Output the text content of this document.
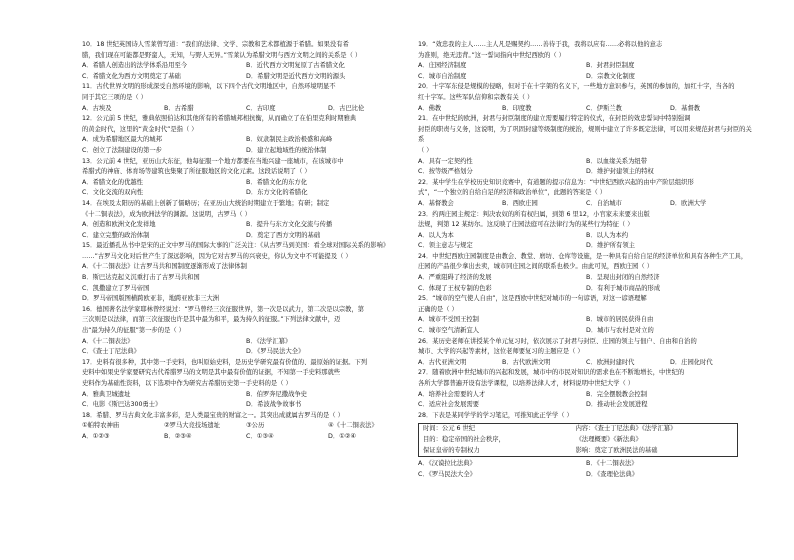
10．18 世纪英国诗人雪莱曾写道：“我们的法律、文学、宗教和艺术都植源于希腊。如果没有希
腊，我们现在可能都是野蛮人，无知，与野人无异。”雪莱认为希腊文明与西方文明之间的关系是（ ）
A．希腊人创造出的法学体系沿用至今	B．近代西方文明复原了古希腊文化
C．希腊文化为西方文明奠定了基础	D．希腊文明是近代西方文明的源头
11．古代世界文明的形成深受自然环境的影响，以下四个古代文明地区中，自然环境明显不
同于其它三项的是（ ）
A．古埃及	B．古希腊	C．古印度	D．古巴比伦
12．公元前 5 世纪，雅典依照伯达和其他所有的希腊城邦相抗衡，从而确立了在伯里克利时期雅典
的黄金时代，这里的“黄金时代”是指（ ）
A．成为希腊地区最大的城邦	B．奴隶制民主政治极盛和高峰
C．创立了法制建设的第一步	D．建立起地域性的统治体制
13．公元前 4 世纪，亚历山大东征，他每征服一个地方都要在当地兴建一座城市，在该城市中
希腊式的神庙、体育场等建筑也集聚了所征服地区的文化元素。这段话说明了（ ）
A．希腊文化的优越性	B．希腊文化的东方化
C．文化交流的双向性	D．东方文化的希腊化
14．在埃及太阳历的基础上创新了儒略历；在亚历山大统治时期建立于繁地；有研；制定
《十二铜表法》，成为欧洲法学的渊源。这说明，古罗马（ ）
A．创造和欧洲文化发祥地	B．提升与东方文化交流与传播
C．建立完整的政治体制	D．奠定了西方文明的基础
15．最近播孔丛书中是宋的正文中罗马的国际大事的广泛关注：《从古罗马到美国：看全球对国际关系的影响》
……”古罗马文化对后世产生了深远影响，因为它对古罗马的兴衰史，你认为文中不可能提及（ ）
A．《十二铜表法》让古罗马共和国制度逐渐形成了法律体制
B．斯巴达克起义沉重打击了古罗马共和国
C．凯撒建立了罗马帝国
D．罗马帝国版图横跨欧亚非，地跨亚欧非三大洲
16．德国著名法学家耶林曾经说过：“罗马曾经三次征服世界，第一次是以武力，第二次是以宗教，第
三次则是以法律，而第三次征服也许是其中最为和平，最为持久的征服。”下列法律文献中，迈
出“最为持久的征服”第一步的是（ ）
A．《十二铜表法》	B．《法学汇纂》
C．《查士丁尼法典》	D．《罗马民法大全》
17．史料有很多种，其中第一手史料，也叫原始史料，是历史学研究最有价值的、最原始的证据。下列
史料中如果史学家要研究古代希腊罗马的文明是其中最有价值的证据，不知第一手史料那就些
史料作为基础性资料，以下选项中作为研究古希腊历史第一手史料的是（ ）
A．雅典卫城遗址	B．伯罗奔尼撒战争史
C．电影《斯巴达300勇士》	D．希波战争故事书
18．希腊、罗马古典文化丰富多彩，是人类最宝贵的财富之一。其突出成就属古罗马的是（ ）
①帕特农神庙	②罗马大竞技场遗址	③公历	④《十二铜表法》
A．①②③	B．②③④	C．①③④	D．①②④
19．“效忠我的主人……主人凡是赐契约……善待于我，我将以应有……必将以他的意志
为准则，绝无违背。”这一誓词指向中世纪西欧的（ ）
A．庄园经济制度	B．封君封臣制度
C．城市自治制度	D．宗教文化制度
20．十字军东侵是规模的侵略，但对于在十字架的名义下，一些地方意识参与，英国的参加的，加红十字，当各的
红十字军。这些军队信仰和宗教有关（ ）
A．佛教	B．印度教	C．伊斯兰教	D．基督教
21．在中世纪的欧洲，封君与封臣制度的建立需要履行特定的仪式，在封臣的效忠誓词中特别强调
封臣的职责与义务，这说明，为了巩固封建等级制度的统治，规则中建立了许多既定法律，可以用来规范封君与封臣的关系
（ ）
A．具有一定契约性	B．以血缘关系为纽带
C．按等级严格划分	D．维护封建领主的特权
22．某中学生在学校历史知识竞赛中，有道题的提示信息为：“中世纪西欧兴起的由中产阶层组织形
式”，“一个独立的自给自足的经济和政治单位”，此题的答案是（ ）
A．基督教会	B．西欧庄园	C．自治城市	D．欧洲大学
23．约两庄园主规定：判决农奴的所有权归属，到第 6 里12，小官家未来要来出版
法规，判第 12 某纺尔。这反映了庄园法庭可在法律行为的某些行为特征（ ）
A．以人为本	B．以人为本约
C．领主意志与规定	D．维护所有领主
24．中世纪西欧庄园制度是由教会、教堂、磨坊、仓库等设施，是一种具有自给自足的经济单位和具有各种生产工具，
庄园的产品很少拿出去卖，城市同庄园之间的联系也极少。由此可见，西欧庄园（ ）
A．严重阻碍了经济的发展	B．呈现出封闭的自然经济
C．体现了王权专制的色彩	D．有利于城市商品的形成
25．“城市的空气使人自由”，这是西欧中世纪对城市的一句谚语，对这一谚语理解
正确的是（ ）
A．城市不受国王控制	B．城市的居民获得自由
C．城市空气清新宜人	D．城市与农村是对立的
26．某历史老师在讲授某个单元复习时，依次展示了封君与封臣、庄园的领主与佃户、自由和自治的
城市、大学的兴起等素材，这位老师要复习的主题应是（ ）
A．古代亚洲文明	B．古代欧洲文明	C．欧洲封建时代	D．庄园化时代
27．随着欧洲中世纪城市的兴起和发展，城市中的市民对知识的需求也在不断地增长，中世纪的
各所大学都普遍开设有法学课程，以培养法律人才，材料说明中世纪大学（ ）
A．培养社会需要的人才	B．完全摆脱教会控制
C．适应社会发展需要	D．推动社会发展进程
28．下表是某同学学的学习笔记，可推知此正学学（ ）
时间：公元 6 世纪	内容：《查士丁尼法典》《法学汇纂》
目的：稳定帝国的社会秩序，	《法理概要》《新法典》
保证皇帝的专制权力	影响：奠定了欧洲民法的基础
A．《汉谟拉比法典》	B．《十二铜表法》
C．《罗马民法大全》	D．《查理伦法典》
